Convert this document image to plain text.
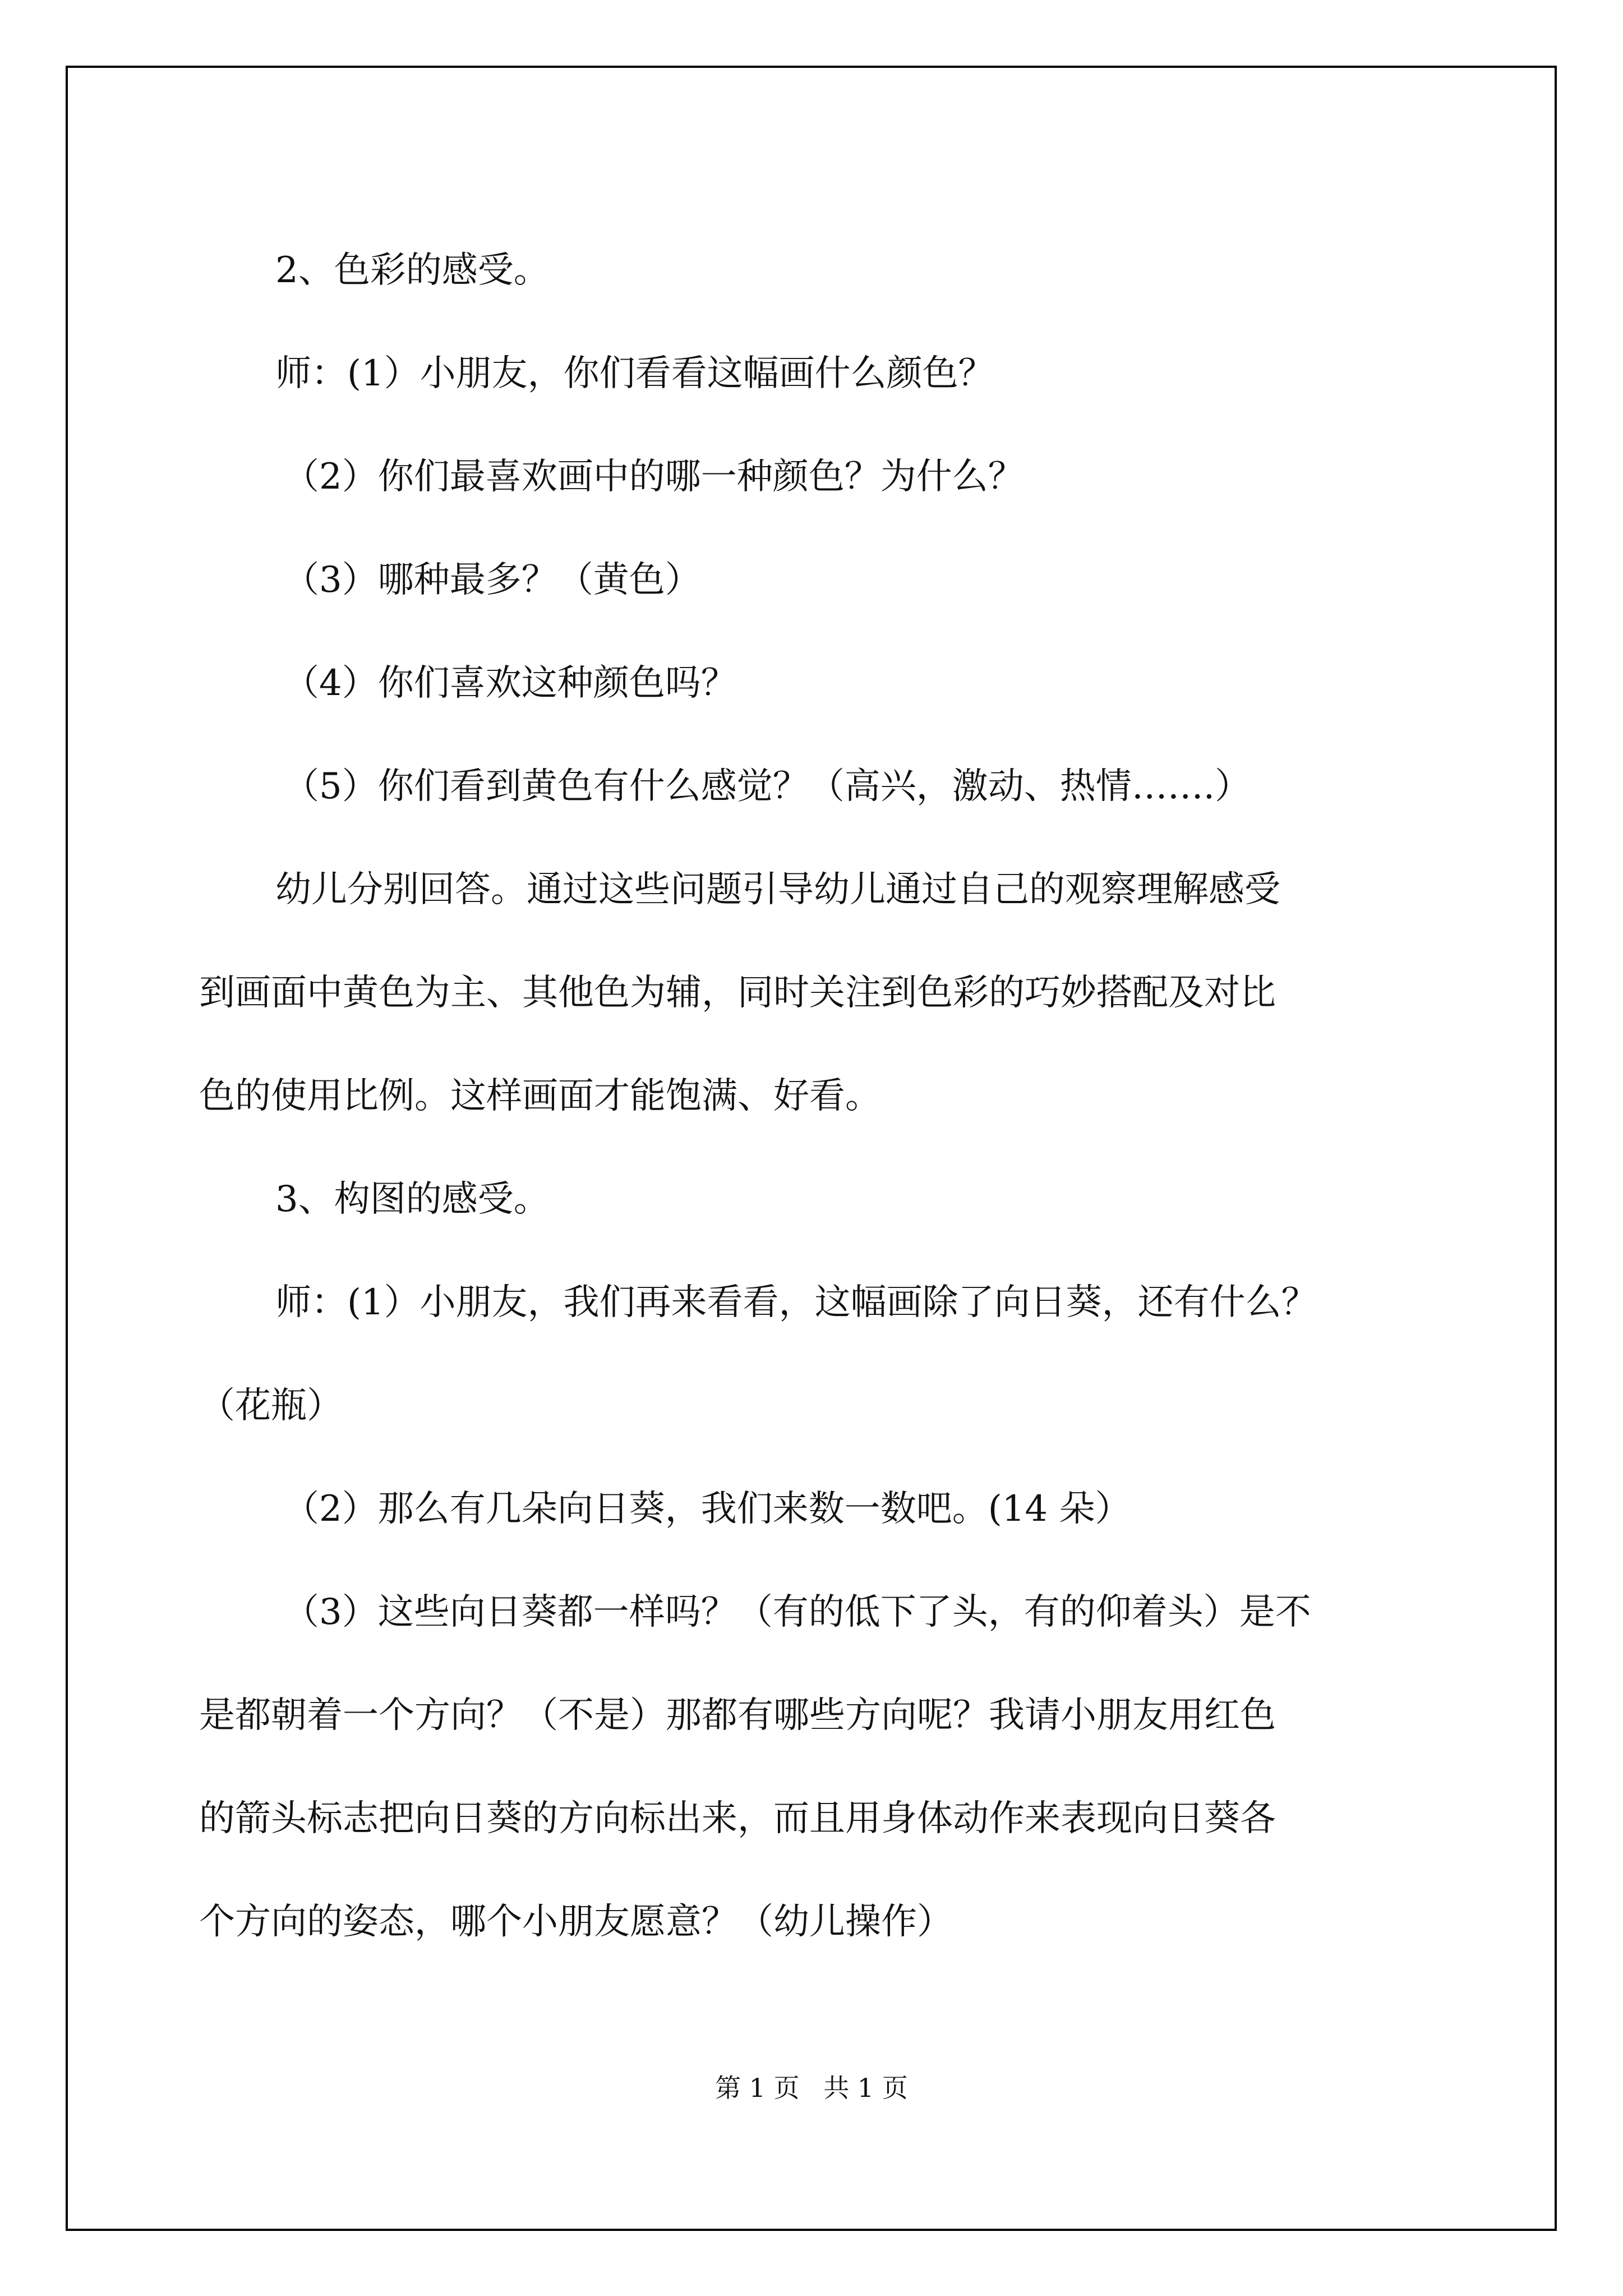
2、色彩的感受。
师：(1）小朋友，你们看看这幅画什么颜色？
（2）你们最喜欢画中的哪一种颜色？为什么？
（3）哪种最多？（黄色）
（4）你们喜欢这种颜色吗？
（5）你们看到黄色有什么感觉？（高兴，激动、热情…….）
幼儿分别回答。通过这些问题引导幼儿通过自己的观察理解感受
到画面中黄色为主、其他色为辅，同时关注到色彩的巧妙搭配及对比
色的使用比例。这样画面才能饱满、好看。
3、构图的感受。
师：(1）小朋友，我们再来看看，这幅画除了向日葵，还有什么？
（花瓶）
（2）那么有几朵向日葵，我们来数一数吧。(14 朵）
（3）这些向日葵都一样吗？（有的低下了头，有的仰着头）是不
是都朝着一个方向？（不是）那都有哪些方向呢？我请小朋友用红色
的箭头标志把向日葵的方向标出来，而且用身体动作来表现向日葵各
个方向的姿态，哪个小朋友愿意？（幼儿操作）
第 1 页 共 1 页
